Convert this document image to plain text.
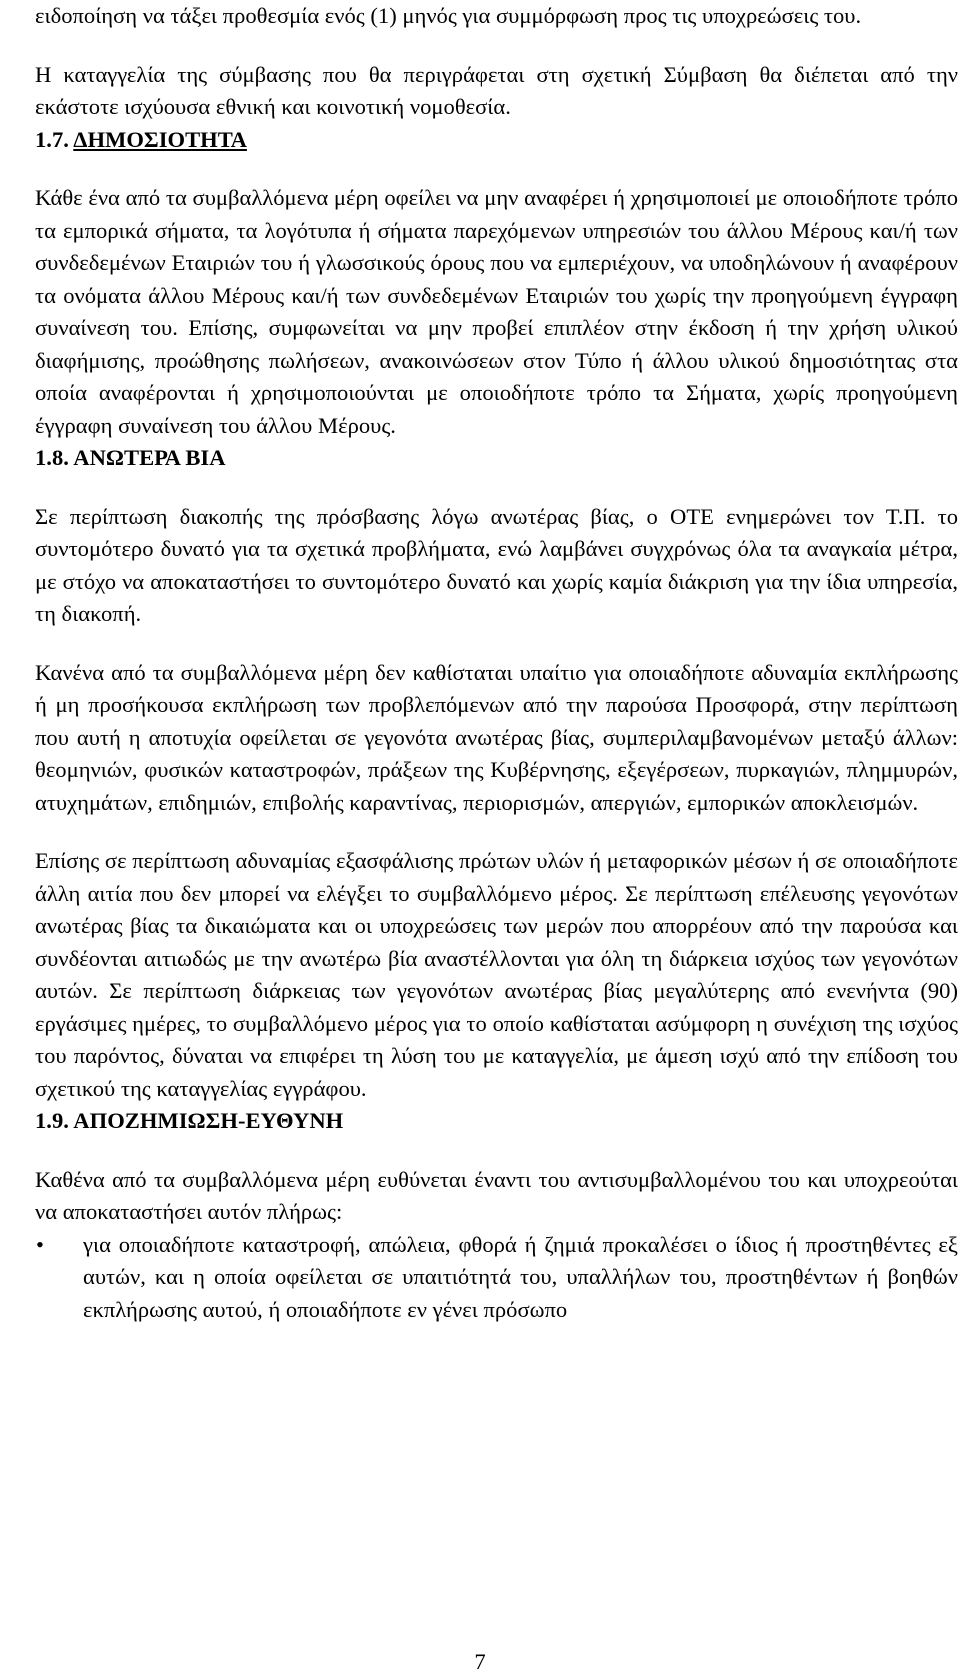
ειδοποίηση να τάξει προθεσμία ενός (1) μηνός για συμμόρφωση προς τις υποχρεώσεις του.

Η καταγγελία της σύμβασης που θα περιγράφεται στη σχετική Σύμβαση θα διέπεται από την εκάστοτε ισχύουσα εθνική και κοινοτική νομοθεσία.

1.7. ΔΗΜΟΣΙΟΤΗΤΑ

Κάθε ένα από τα συμβαλλόμενα μέρη οφείλει να μην αναφέρει ή χρησιμοποιεί με οποιοδήποτε τρόπο τα εμπορικά σήματα, τα λογότυπα ή σήματα παρεχόμενων υπηρεσιών του άλλου Μέρους και/ή των συνδεδεμένων Εταιριών του ή γλωσσικούς όρους που να εμπεριέχουν, να υποδηλώνουν ή αναφέρουν τα ονόματα άλλου Μέρους και/ή των συνδεδεμένων Εταιριών του χωρίς την προηγούμενη έγγραφη συναίνεση του. Επίσης, συμφωνείται να μην προβεί επιπλέον στην έκδοση ή την χρήση υλικού διαφήμισης, προώθησης πωλήσεων, ανακοινώσεων στον Τύπο ή άλλου υλικού δημοσιότητας στα οποία αναφέρονται ή χρησιμοποιούνται με οποιοδήποτε τρόπο τα Σήματα, χωρίς προηγούμενη έγγραφη συναίνεση του άλλου Μέρους.

1.8. ΑΝΩΤΕΡΑ ΒΙΑ

Σε περίπτωση διακοπής της πρόσβασης λόγω ανωτέρας βίας, ο ΟΤΕ ενημερώνει τον Τ.Π. το συντομότερο δυνατό για τα σχετικά προβλήματα, ενώ λαμβάνει συγχρόνως όλα τα αναγκαία μέτρα, με στόχο να αποκαταστήσει το συντομότερο δυνατό και χωρίς καμία διάκριση για την ίδια υπηρεσία, τη διακοπή.

Κανένα από τα συμβαλλόμενα μέρη δεν καθίσταται υπαίτιο για οποιαδήποτε αδυναμία εκπλήρωσης ή μη προσήκουσα εκπλήρωση των προβλεπόμενων από την παρούσα Προσφορά, στην περίπτωση που αυτή η αποτυχία οφείλεται σε γεγονότα ανωτέρας βίας, συμπεριλαμβανομένων μεταξύ άλλων: θεομηνιών, φυσικών καταστροφών, πράξεων της Κυβέρνησης, εξεγέρσεων, πυρκαγιών, πλημμυρών, ατυχημάτων, επιδημιών, επιβολής καραντίνας, περιορισμών, απεργιών, εμπορικών αποκλεισμών.

Επίσης σε περίπτωση αδυναμίας εξασφάλισης πρώτων υλών ή μεταφορικών μέσων ή σε οποιαδήποτε άλλη αιτία που δεν μπορεί να ελέγξει το συμβαλλόμενο μέρος. Σε περίπτωση επέλευσης γεγονότων ανωτέρας βίας τα δικαιώματα και οι υποχρεώσεις των μερών που απορρέουν από την παρούσα και συνδέονται αιτιωδώς με την ανωτέρω βία αναστέλλονται για όλη τη διάρκεια ισχύος των γεγονότων αυτών. Σε περίπτωση διάρκειας των γεγονότων ανωτέρας βίας μεγαλύτερης από ενενήντα (90) εργάσιμες ημέρες, το συμβαλλόμενο μέρος για το οποίο καθίσταται ασύμφορη η συνέχιση της ισχύος του παρόντος, δύναται να επιφέρει τη λύση του με καταγγελία, με άμεση ισχύ από την επίδοση του σχετικού της καταγγελίας εγγράφου.

1.9. ΑΠΟΖΗΜΙΩΣΗ-ΕΥΘΥΝΗ

Καθένα από τα συμβαλλόμενα μέρη ευθύνεται έναντι του αντισυμβαλλομένου του και υποχρεούται να αποκαταστήσει αυτόν πλήρως:

• για οποιαδήποτε καταστροφή, απώλεια, φθορά ή ζημιά προκαλέσει ο ίδιος ή προστηθέντες εξ αυτών, και η οποία οφείλεται σε υπαιτιότητά του, υπαλλήλων του, προστηθέντων ή βοηθών εκπλήρωσης αυτού, ή οποιαδήποτε εν γένει πρόσωπο

7
